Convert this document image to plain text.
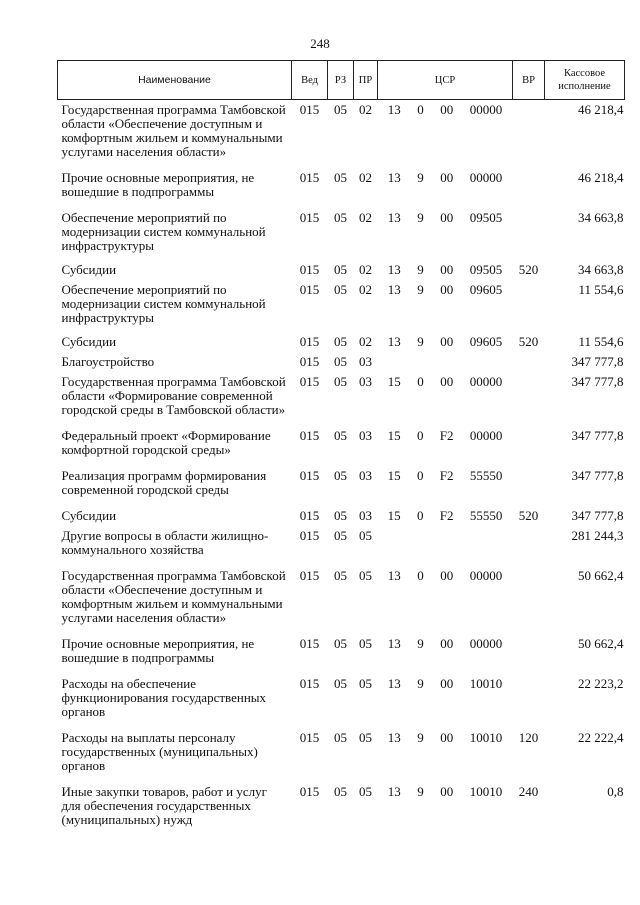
248
Наименование	Вед	РЗ	ПР	ЦСР	ВР	Кассовое исполнение
Государственная программа Тамбовской области «Обеспечение доступным и комфортным жильем и коммунальными услугами населения области»	015	05	02	13 0 00 00000		46 218,4
Прочие основные мероприятия, не вошедшие в подпрограммы	015	05	02	13 9 00 00000		46 218,4
Обеспечение мероприятий по модернизации систем коммунальной инфраструктуры	015	05	02	13 9 00 09505		34 663,8
Субсидии	015	05	02	13 9 00 09505	520	34 663,8
Обеспечение мероприятий по модернизации систем коммунальной инфраструктуры	015	05	02	13 9 00 09605		11 554,6
Субсидии	015	05	02	13 9 00 09605	520	11 554,6
Благоустройство	015	05	03			347 777,8
Государственная программа Тамбовской области «Формирование современной городской среды в Тамбовской области»	015	05	03	15 0 00 00000		347 777,8
Федеральный проект «Формирование комфортной городской среды»	015	05	03	15 0 F2 00000		347 777,8
Реализация программ формирования современной городской среды	015	05	03	15 0 F2 55550		347 777,8
Субсидии	015	05	03	15 0 F2 55550	520	347 777,8
Другие вопросы в области жилищно-коммунального хозяйства	015	05	05			281 244,3
Государственная программа Тамбовской области «Обеспечение доступным и комфортным жильем и коммунальными услугами населения области»	015	05	05	13 0 00 00000		50 662,4
Прочие основные мероприятия, не вошедшие в подпрограммы	015	05	05	13 9 00 00000		50 662,4
Расходы на обеспечение функционирования государственных органов	015	05	05	13 9 00 10010		22 223,2
Расходы на выплаты персоналу государственных (муниципальных) органов	015	05	05	13 9 00 10010	120	22 222,4
Иные закупки товаров, работ и услуг для обеспечения государственных (муниципальных) нужд	015	05	05	13 9 00 10010	240	0,8
